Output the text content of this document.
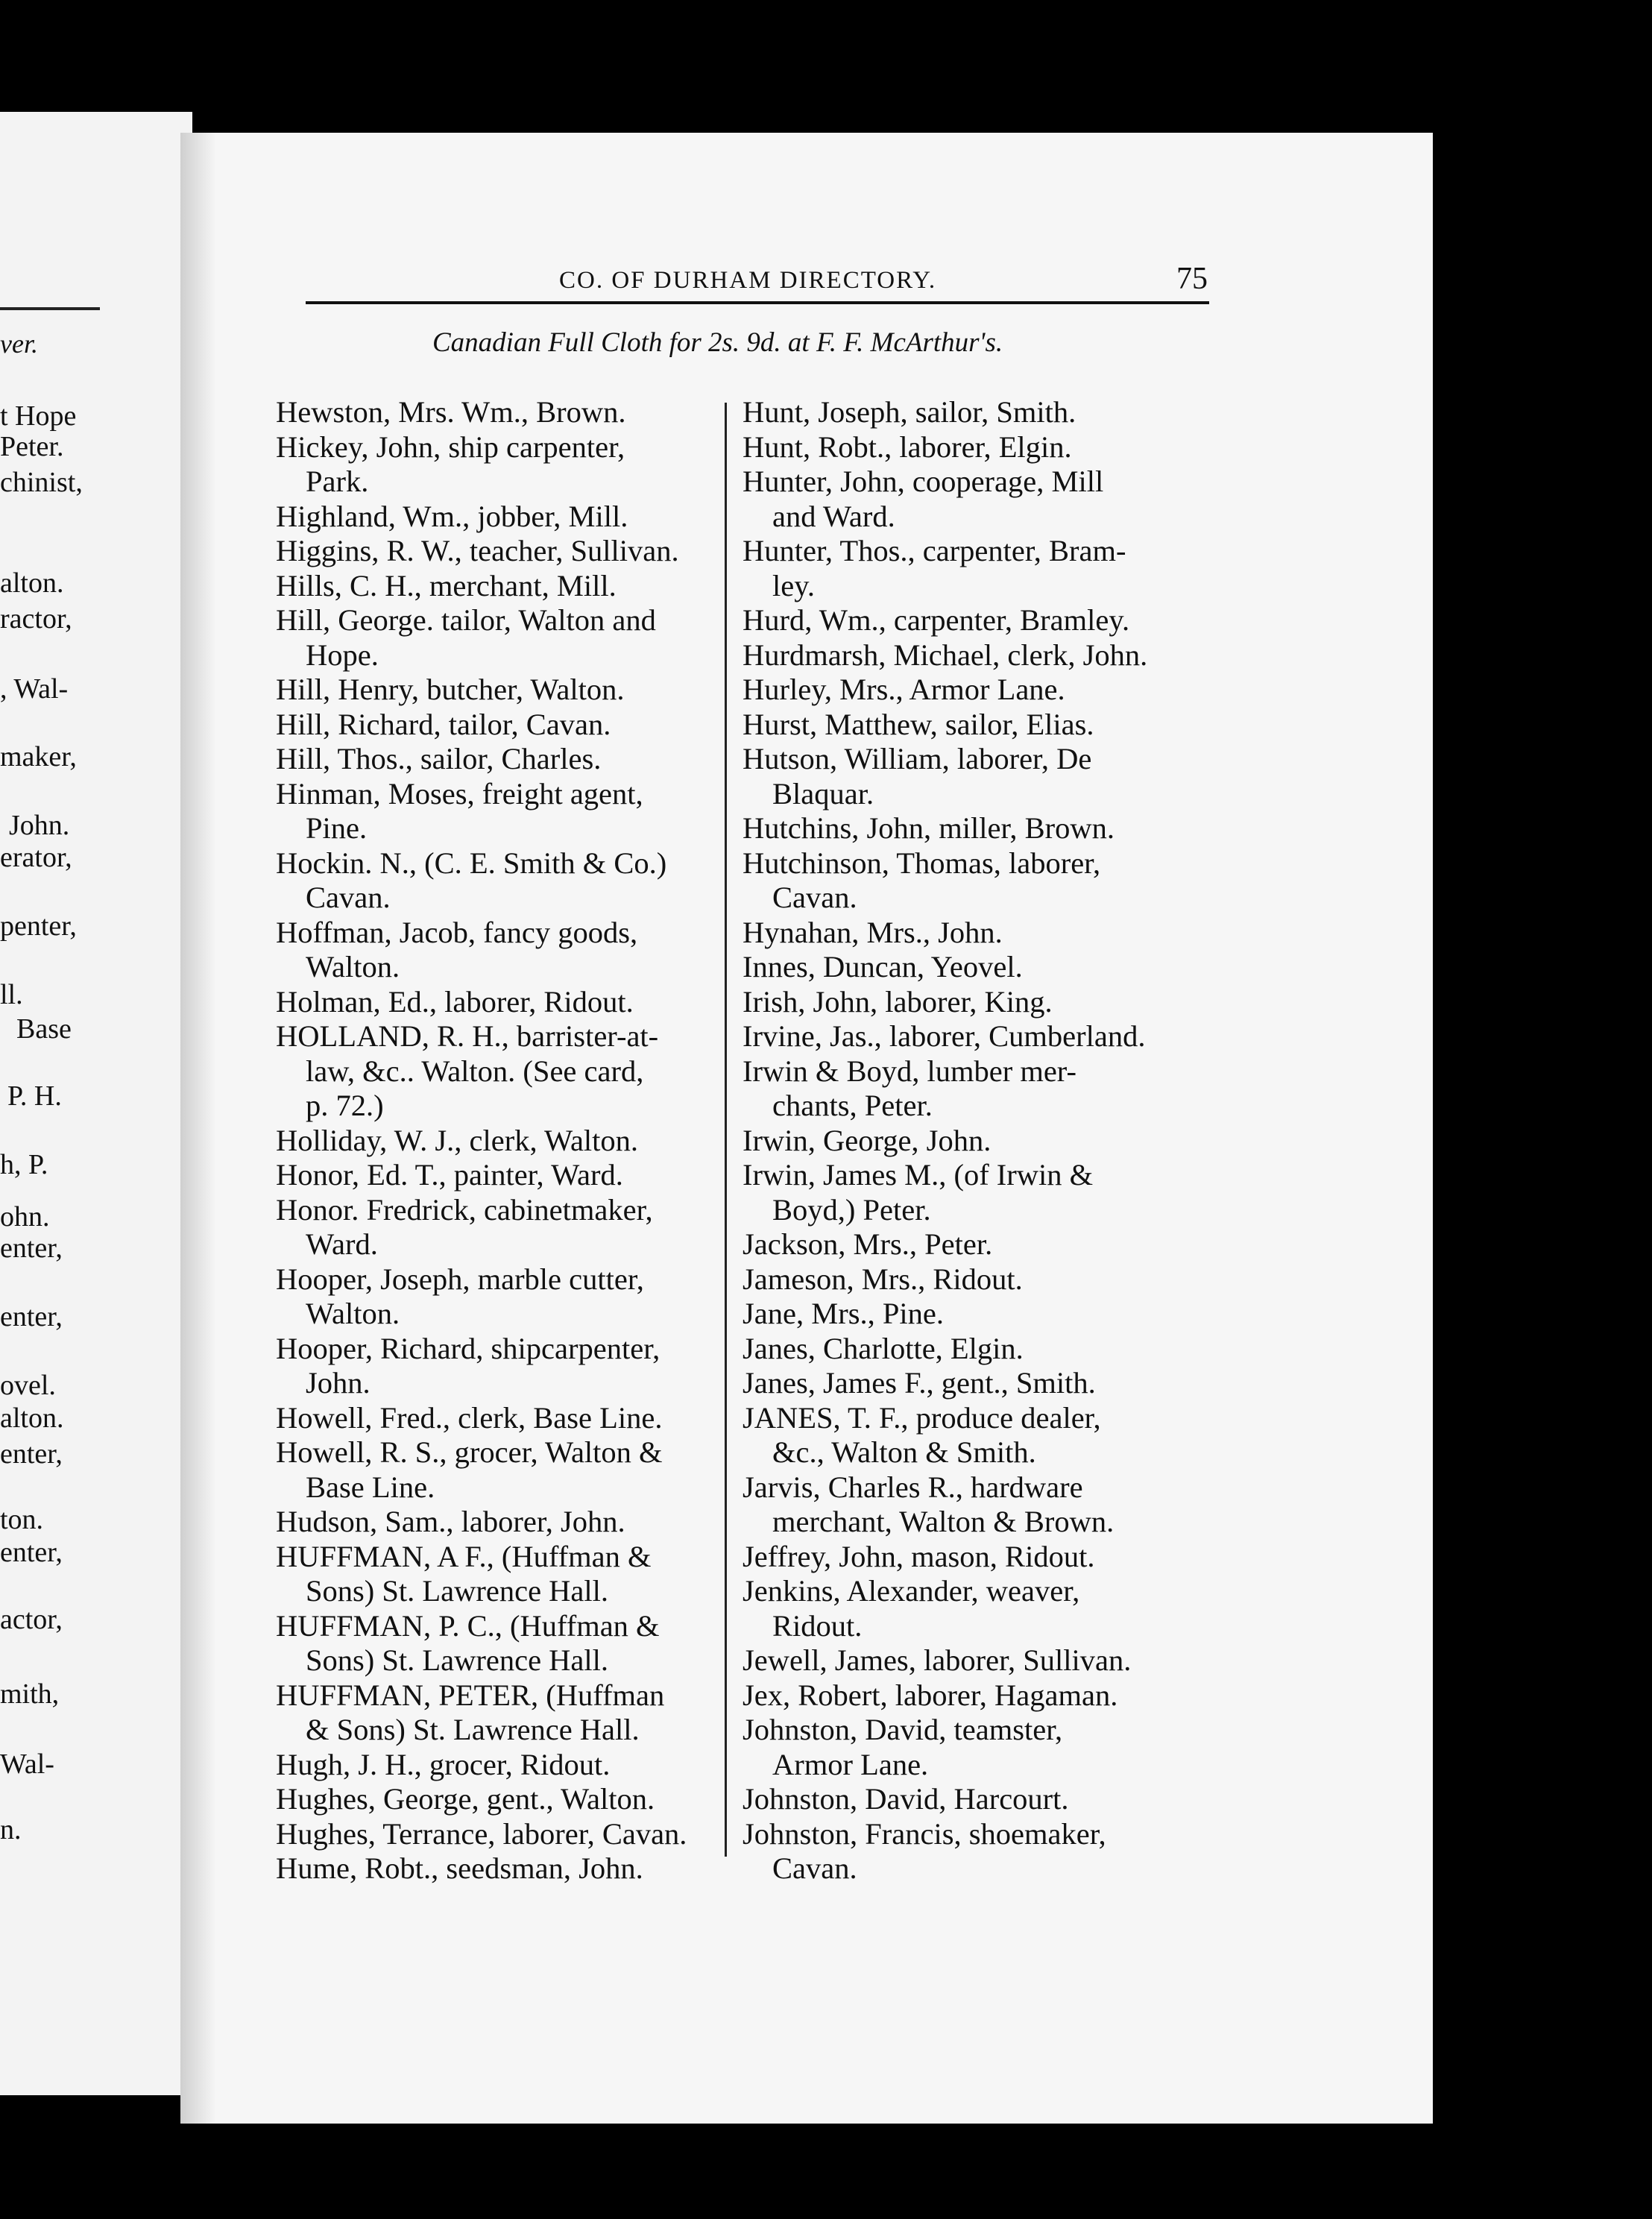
ver.
t Hope
Peter.
chinist,
alton.
ractor,
, Wal-
maker,
John.
erator,
penter,
ll.
Base
P. H.
h, P.
ohn.
enter,
enter,
ovel.
alton.
enter,
ton.
enter,
actor,
mith,
Wal-
n.
CO. OF DURHAM DIRECTORY.	75
Canadian Full Cloth for 2s. 9d. at F. F. McArthur's.
Hewston, Mrs. Wm., Brown.
Hickey, John, ship carpenter,
Park.
Highland, Wm., jobber, Mill.
Higgins, R. W., teacher, Sullivan.
Hills, C. H., merchant, Mill.
Hill, George. tailor, Walton and
Hope.
Hill, Henry, butcher, Walton.
Hill, Richard, tailor, Cavan.
Hill, Thos., sailor, Charles.
Hinman, Moses, freight agent,
Pine.
Hockin. N., (C. E. Smith & Co.)
Cavan.
Hoffman, Jacob, fancy goods,
Walton.
Holman, Ed., laborer, Ridout.
HOLLAND, R. H., barrister-at-
law, &c.. Walton. (See card,
p. 72.)
Holliday, W. J., clerk, Walton.
Honor, Ed. T., painter, Ward.
Honor. Fredrick, cabinetmaker,
Ward.
Hooper, Joseph, marble cutter,
Walton.
Hooper, Richard, shipcarpenter,
John.
Howell, Fred., clerk, Base Line.
Howell, R. S., grocer, Walton &
Base Line.
Hudson, Sam., laborer, John.
HUFFMAN, A F., (Huffman &
Sons) St. Lawrence Hall.
HUFFMAN, P. C., (Huffman &
Sons) St. Lawrence Hall.
HUFFMAN, PETER, (Huffman
& Sons) St. Lawrence Hall.
Hugh, J. H., grocer, Ridout.
Hughes, George, gent., Walton.
Hughes, Terrance, laborer, Cavan.
Hume, Robt., seedsman, John.
Hunt, Joseph, sailor, Smith.
Hunt, Robt., laborer, Elgin.
Hunter, John, cooperage, Mill
and Ward.
Hunter, Thos., carpenter, Bram-
ley.
Hurd, Wm., carpenter, Bramley.
Hurdmarsh, Michael, clerk, John.
Hurley, Mrs., Armor Lane.
Hurst, Matthew, sailor, Elias.
Hutson, William, laborer, De
Blaquar.
Hutchins, John, miller, Brown.
Hutchinson, Thomas, laborer,
Cavan.
Hynahan, Mrs., John.
Innes, Duncan, Yeovel.
Irish, John, laborer, King.
Irvine, Jas., laborer, Cumberland.
Irwin & Boyd, lumber mer-
chants, Peter.
Irwin, George, John.
Irwin, James M., (of Irwin &
Boyd,) Peter.
Jackson, Mrs., Peter.
Jameson, Mrs., Ridout.
Jane, Mrs., Pine.
Janes, Charlotte, Elgin.
Janes, James F., gent., Smith.
JANES, T. F., produce dealer,
&c., Walton & Smith.
Jarvis, Charles R., hardware
merchant, Walton & Brown.
Jeffrey, John, mason, Ridout.
Jenkins, Alexander, weaver,
Ridout.
Jewell, James, laborer, Sullivan.
Jex, Robert, laborer, Hagaman.
Johnston, David, teamster,
Armor Lane.
Johnston, David, Harcourt.
Johnston, Francis, shoemaker,
Cavan.
